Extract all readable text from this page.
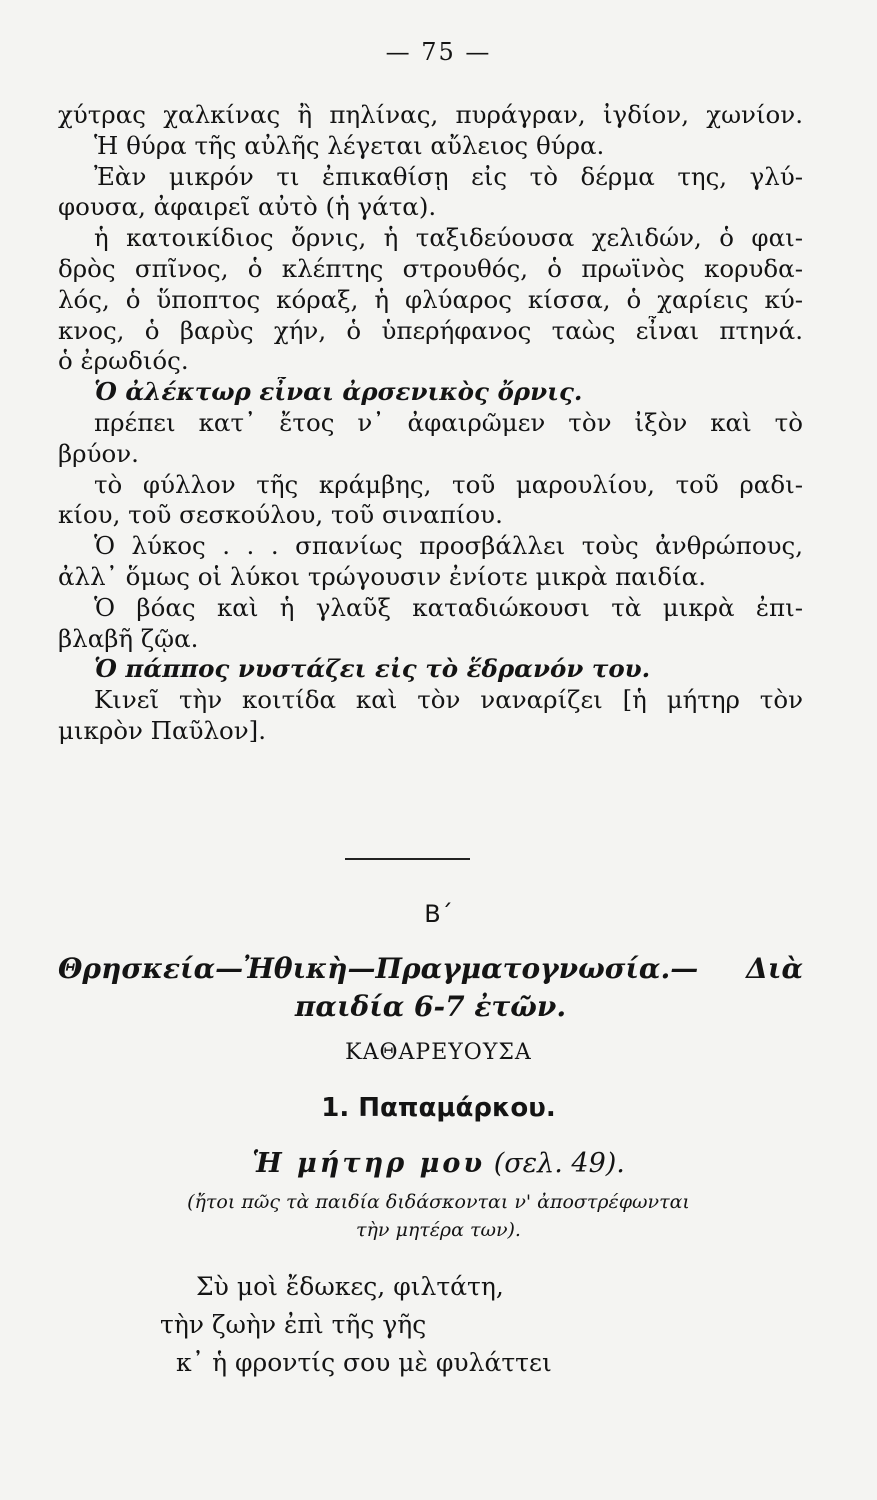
— 75 —
χύτρας χαλκίνας ἢ πηλίνας, πυράγραν, ἰγδίον, χωνίον.
Ἡ θύρα τῆς αὐλῆς λέγεται αὔλειος θύρα.
Ἐὰν μικρόν τι ἐπικαθίσῃ εἰς τὸ δέρμα της, γλύ-
φουσα, ἀφαιρεῖ αὐτὸ (ἡ γάτα).
ἡ κατοικίδιος ὄρνις, ἡ ταξιδεύουσα χελιδών, ὁ φαι-
δρὸς σπῖνος, ὁ κλέπτης στρουθός, ὁ πρωϊνὸς κορυδα-
λός, ὁ ὕποπτος κόραξ, ἡ φλύαρος κίσσα, ὁ χαρίεις κύ-
κνος, ὁ βαρὺς χήν, ὁ ὑπερήφανος ταὼς εἶναι πτηνά.
ὁ ἐρωδιός.
Ὁ ἀλέκτωρ εἶναι ἀρσενικὸς ὄρνις.
πρέπει κατ᾽ ἔτος ν᾽ ἀφαιρῶμεν τὸν ἰξὸν καὶ τὸ
βρύον.
τὸ φύλλον τῆς κράμβης, τοῦ μαρουλίου, τοῦ ραδι-
κίου, τοῦ σεσκούλου, τοῦ σιναπίου.
Ὁ λύκος . . . σπανίως προσβάλλει τοὺς ἀνθρώπους,
ἀλλ᾽ ὅμως οἱ λύκοι τρώγουσιν ἐνίοτε μικρὰ παιδία.
Ὁ βόας καὶ ἡ γλαῦξ καταδιώκουσι τὰ μικρὰ ἐπι-
βλαβῆ ζῷα.
Ὁ πάππος νυστάζει εἰς τὸ ἕδρανόν του.
Κινεῖ τὴν κοιτίδα καὶ τὸν ναναρίζει [ἡ μήτηρ τὸν
μικρὸν Παῦλον].
Β΄
Θρησκεία—Ἠθικὴ—Πραγματογνωσία.— Διὰ
παιδία 6-7 ἐτῶν.
ΚΑΘΑΡΕΥΟΥΣΑ
1. Παπαμάρκου.
Ἡ μήτηρ μου (σελ. 49).
(ἤτοι πῶς τὰ παιδία διδάσκονται ν' ἀποστρέφωνται
τὴν μητέρα των).
Σὺ μοὶ ἔδωκες, φιλτάτη,
τὴν ζωὴν ἐπὶ τῆς γῆς
κ᾽ ἡ φροντίς σου μὲ φυλάττει
